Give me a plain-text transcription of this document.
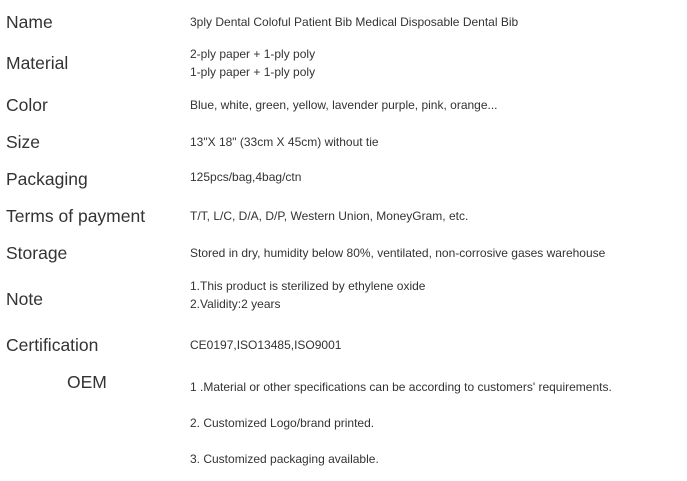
Name	3ply Dental Coloful Patient Bib Medical Disposable Dental Bib
Material	2-ply paper + 1-ply poly
1-ply paper + 1-ply poly
Color	Blue, white, green, yellow, lavender purple, pink, orange...
Size	13"X 18" (33cm X 45cm) without tie
Packaging	125pcs/bag,4bag/ctn
Terms of payment	T/T, L/C, D/A, D/P, Western Union, MoneyGram, etc.
Storage	Stored in dry, humidity below 80%, ventilated, non-corrosive gases warehouse
Note
1.This product is sterilized by ethylene oxide
2.Validity:2 years
Certification	CE0197,ISO13485,ISO9001
OEM	1 .Material or other specifications can be according to customers' requirements.
2. Customized Logo/brand printed.
3. Customized packaging available.
